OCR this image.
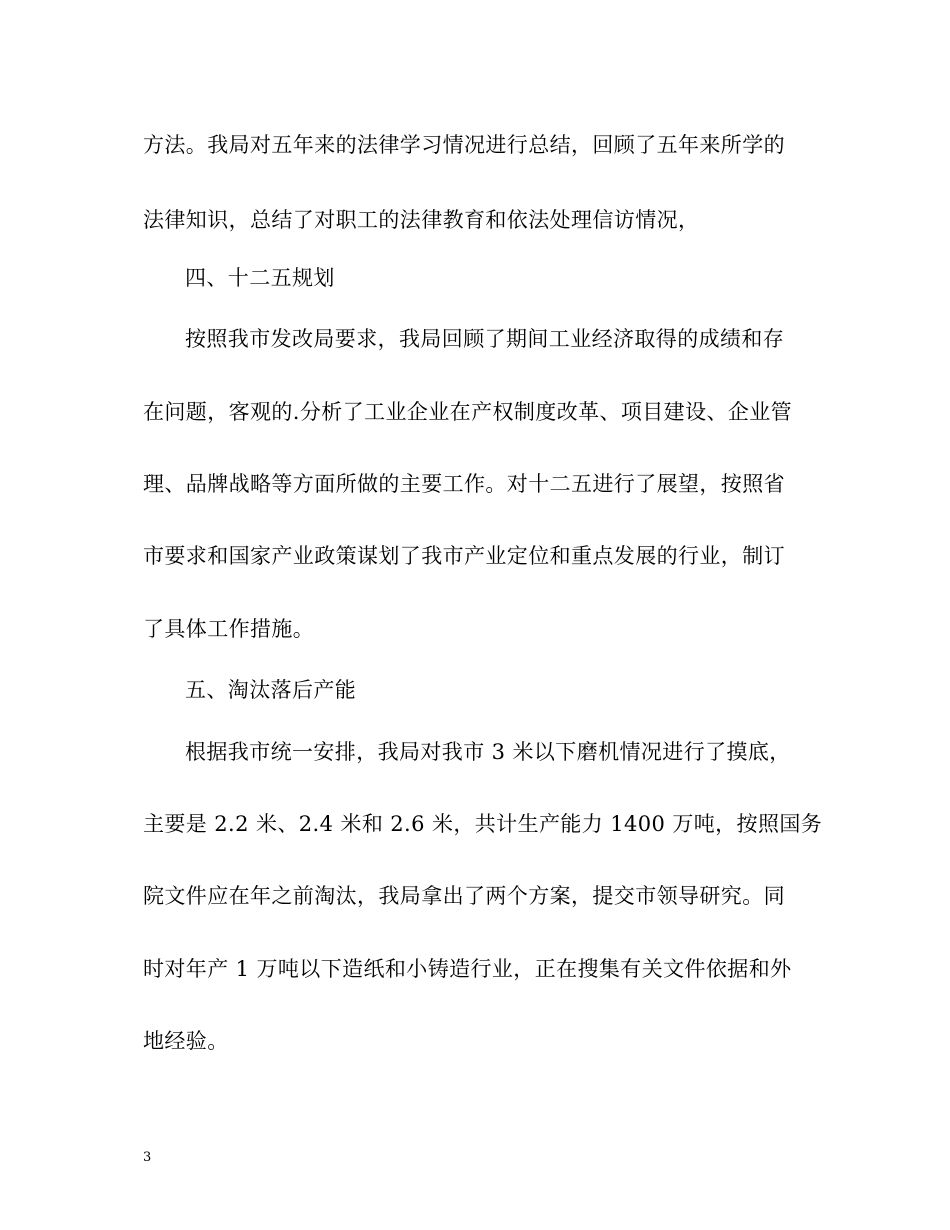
方法。我局对五年来的法律学习情况进行总结，回顾了五年来所学的
法律知识，总结了对职工的法律教育和依法处理信访情况，
四、十二五规划
按照我市发改局要求，我局回顾了期间工业经济取得的成绩和存
在问题，客观的.分析了工业企业在产权制度改革、项目建设、企业管
理、品牌战略等方面所做的主要工作。对十二五进行了展望，按照省
市要求和国家产业政策谋划了我市产业定位和重点发展的行业，制订
了具体工作措施。
五、淘汰落后产能
根据我市统一安排，我局对我市 3 米以下磨机情况进行了摸底，
主要是 2.2 米、2.4 米和 2.6 米，共计生产能力 1400 万吨，按照国务
院文件应在年之前淘汰，我局拿出了两个方案，提交市领导研究。同
时对年产 1 万吨以下造纸和小铸造行业，正在搜集有关文件依据和外
地经验。
3
